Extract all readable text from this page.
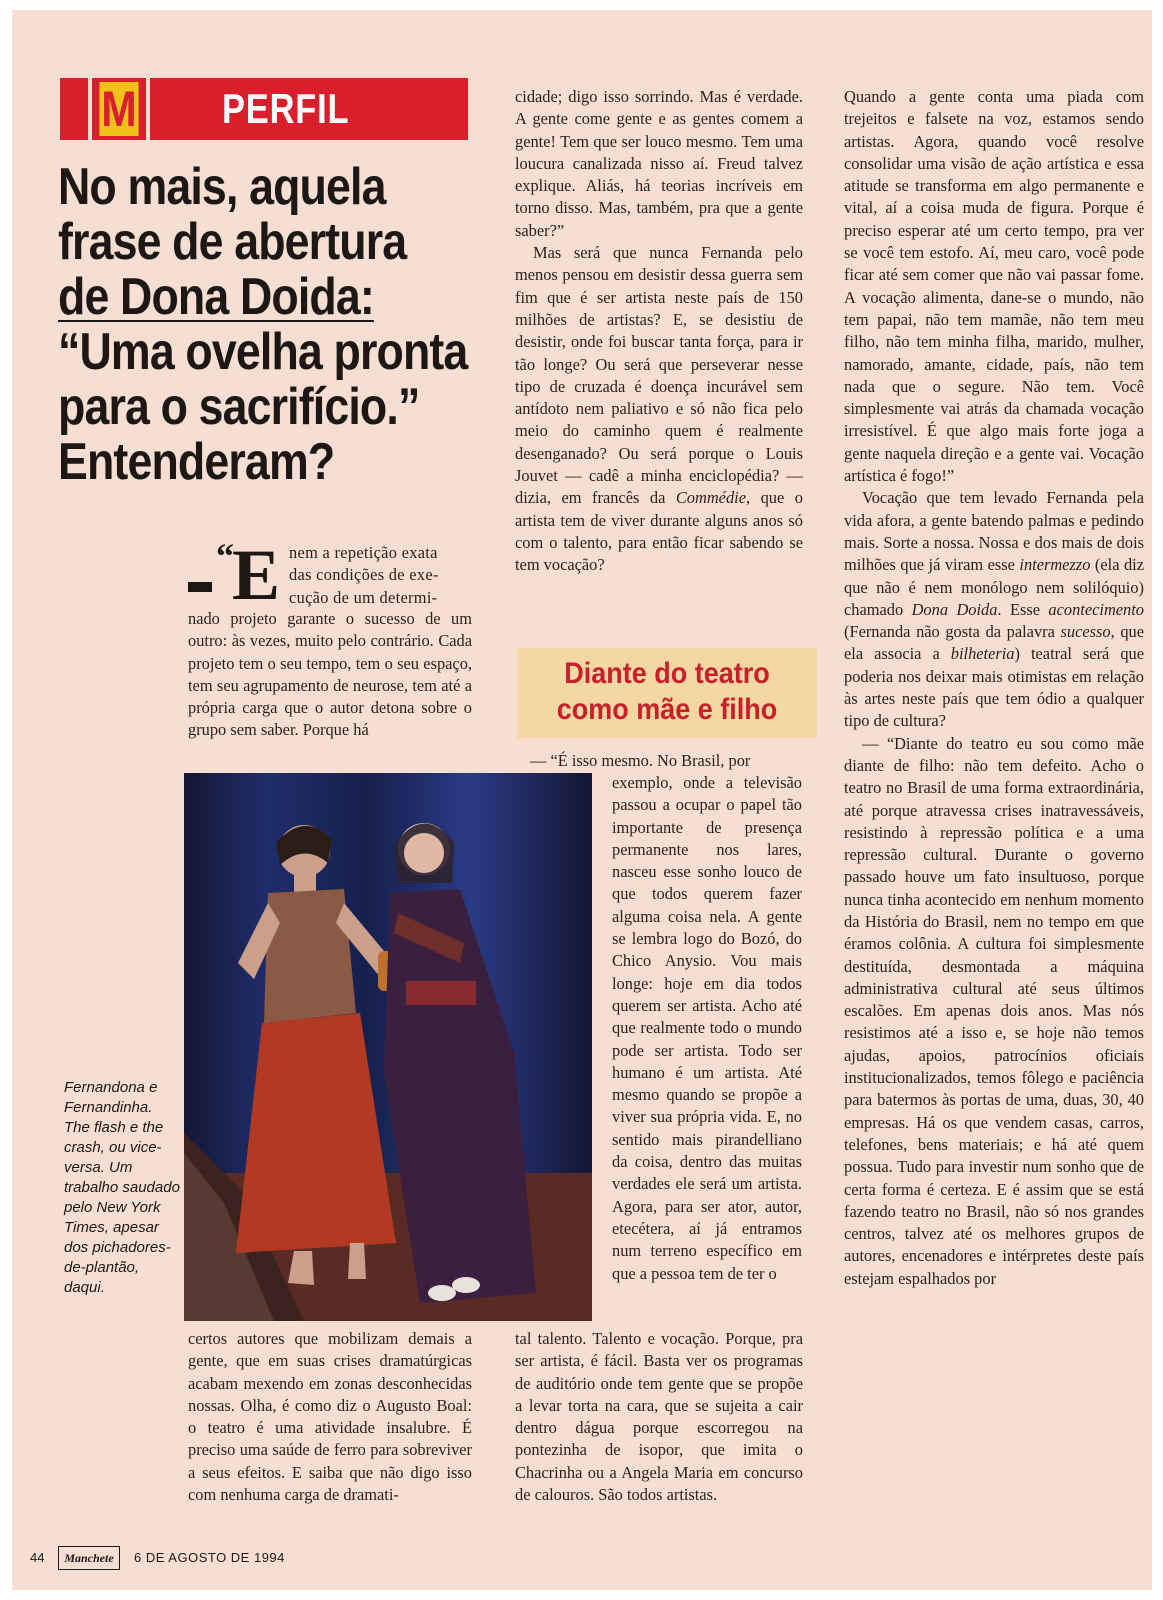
M PERFIL
No mais, aquela
frase de abertura
de Dona Doida:
“Uma ovelha pronta
para o sacrifício.”
Entenderam?
“
E nem a repetição exata
das condições de exe-
cução de um determi-

nado projeto garante o sucesso de um outro: às vezes, muito pelo contrário. Cada projeto tem o seu tempo, tem o seu espaço, tem seu agrupamento de neurose, tem até a própria carga que o autor detona sobre o grupo sem saber. Porque há

Fernandona e Fernandinha. The flash e the crash, ou vice-versa. Um trabalho saudado pelo New York Times, apesar dos pichadores-de-plantão, daqui.

certos autores que mobilizam demais a gente, que em suas crises dramatúrgicas acabam mexendo em zonas desconhecidas nossas. Olha, é como diz o Augusto Boal: o teatro é uma atividade insalubre. É preciso uma saúde de ferro para sobreviver a seus efeitos. E saiba que não digo isso com nenhuma carga de dramati-

cidade; digo isso sorrindo. Mas é verdade. A gente come gente e as gentes comem a gente! Tem que ser louco mesmo. Tem uma loucura canalizada nisso aí. Freud talvez explique. Aliás, há teorias incríveis em torno disso. Mas, também, pra que a gente saber?”

Mas será que nunca Fernanda pelo menos pensou em desistir dessa guerra sem fim que é ser artista neste país de 150 milhões de artistas? E, se desistiu de desistir, onde foi buscar tanta força, para ir tão longe? Ou será que perseverar nesse tipo de cruzada é doença incurável sem antídoto nem paliativo e só não fica pelo meio do caminho quem é realmente desenganado? Ou será porque o Louis Jouvet — cadê a minha enciclopédia? — dizia, em francês da Commédie, que o artista tem de viver durante alguns anos só com o talento, para então ficar sabendo se tem vocação?

Diante do teatro
como mãe e filho
— “É isso mesmo. No Brasil, por

exemplo, onde a televisão passou a ocupar o papel tão importante de presença permanente nos lares, nasceu esse sonho louco de que todos querem fazer alguma coisa nela. A gente se lembra logo do Bozó, do Chico Anysio. Vou mais longe: hoje em dia todos querem ser artista. Acho até que realmente todo o mundo pode ser artista. Todo ser humano é um artista. Até mesmo quando se propõe a viver sua própria vida. E, no sentido mais pirandelliano da coisa, dentro das muitas verdades ele será um artista. Agora, para ser ator, autor, etecétera, aí já entramos num terreno específico em que a pessoa tem de ter o

tal talento. Talento e vocação. Porque, pra ser artista, é fácil. Basta ver os programas de auditório onde tem gente que se propõe a levar torta na cara, que se sujeita a cair dentro dágua porque escorregou na pontezinha de isopor, que imita o Chacrinha ou a Angela Maria em concurso de calouros. São todos artistas.

Quando a gente conta uma piada com trejeitos e falsete na voz, estamos sendo artistas. Agora, quando você resolve consolidar uma visão de ação artística e essa atitude se transforma em algo permanente e vital, aí a coisa muda de figura. Porque é preciso esperar até um certo tempo, pra ver se você tem estofo. Aí, meu caro, você pode ficar até sem comer que não vai passar fome. A vocação alimenta, dane-se o mundo, não tem papai, não tem mamãe, não tem meu filho, não tem minha filha, marido, mulher, namorado, amante, cidade, país, não tem nada que o segure. Não tem. Você simplesmente vai atrás da chamada vocação irresistível. É que algo mais forte joga a gente naquela direção e a gente vai. Vocação artística é fogo!”

Vocação que tem levado Fernanda pela vida afora, a gente batendo palmas e pedindo mais. Sorte a nossa. Nossa e dos mais de dois milhões que já viram esse intermezzo (ela diz que não é nem monólogo nem solilóquio) chamado Dona Doida. Esse acontecimento (Fernanda não gosta da palavra sucesso, que ela associa a bilheteria) teatral será que poderia nos deixar mais otimistas em relação às artes neste país que tem ódio a qualquer tipo de cultura?

— “Diante do teatro eu sou como mãe diante de filho: não tem defeito. Acho o teatro no Brasil de uma forma extraordinária, até porque atravessa crises inatravessáveis, resistindo à repressão política e a uma repressão cultural. Durante o governo passado houve um fato insultuoso, porque nunca tinha acontecido em nenhum momento da História do Brasil, nem no tempo em que éramos colônia. A cultura foi simplesmente destituída, desmontada a máquina administrativa cultural até seus últimos escalões. Em apenas dois anos. Mas nós resistimos até a isso e, se hoje não temos ajudas, apoios, patrocínios oficiais institucionalizados, temos fôlego e paciência para batermos às portas de uma, duas, 30, 40 empresas. Há os que vendem casas, carros, telefones, bens materiais; e há até quem possua. Tudo para investir num sonho que de certa forma é certeza. E é assim que se está fazendo teatro no Brasil, não só nos grandes centros, talvez até os melhores grupos de autores, encenadores e intérpretes deste país estejam espalhados por

44	Manchete	6 DE AGOSTO DE 1994
